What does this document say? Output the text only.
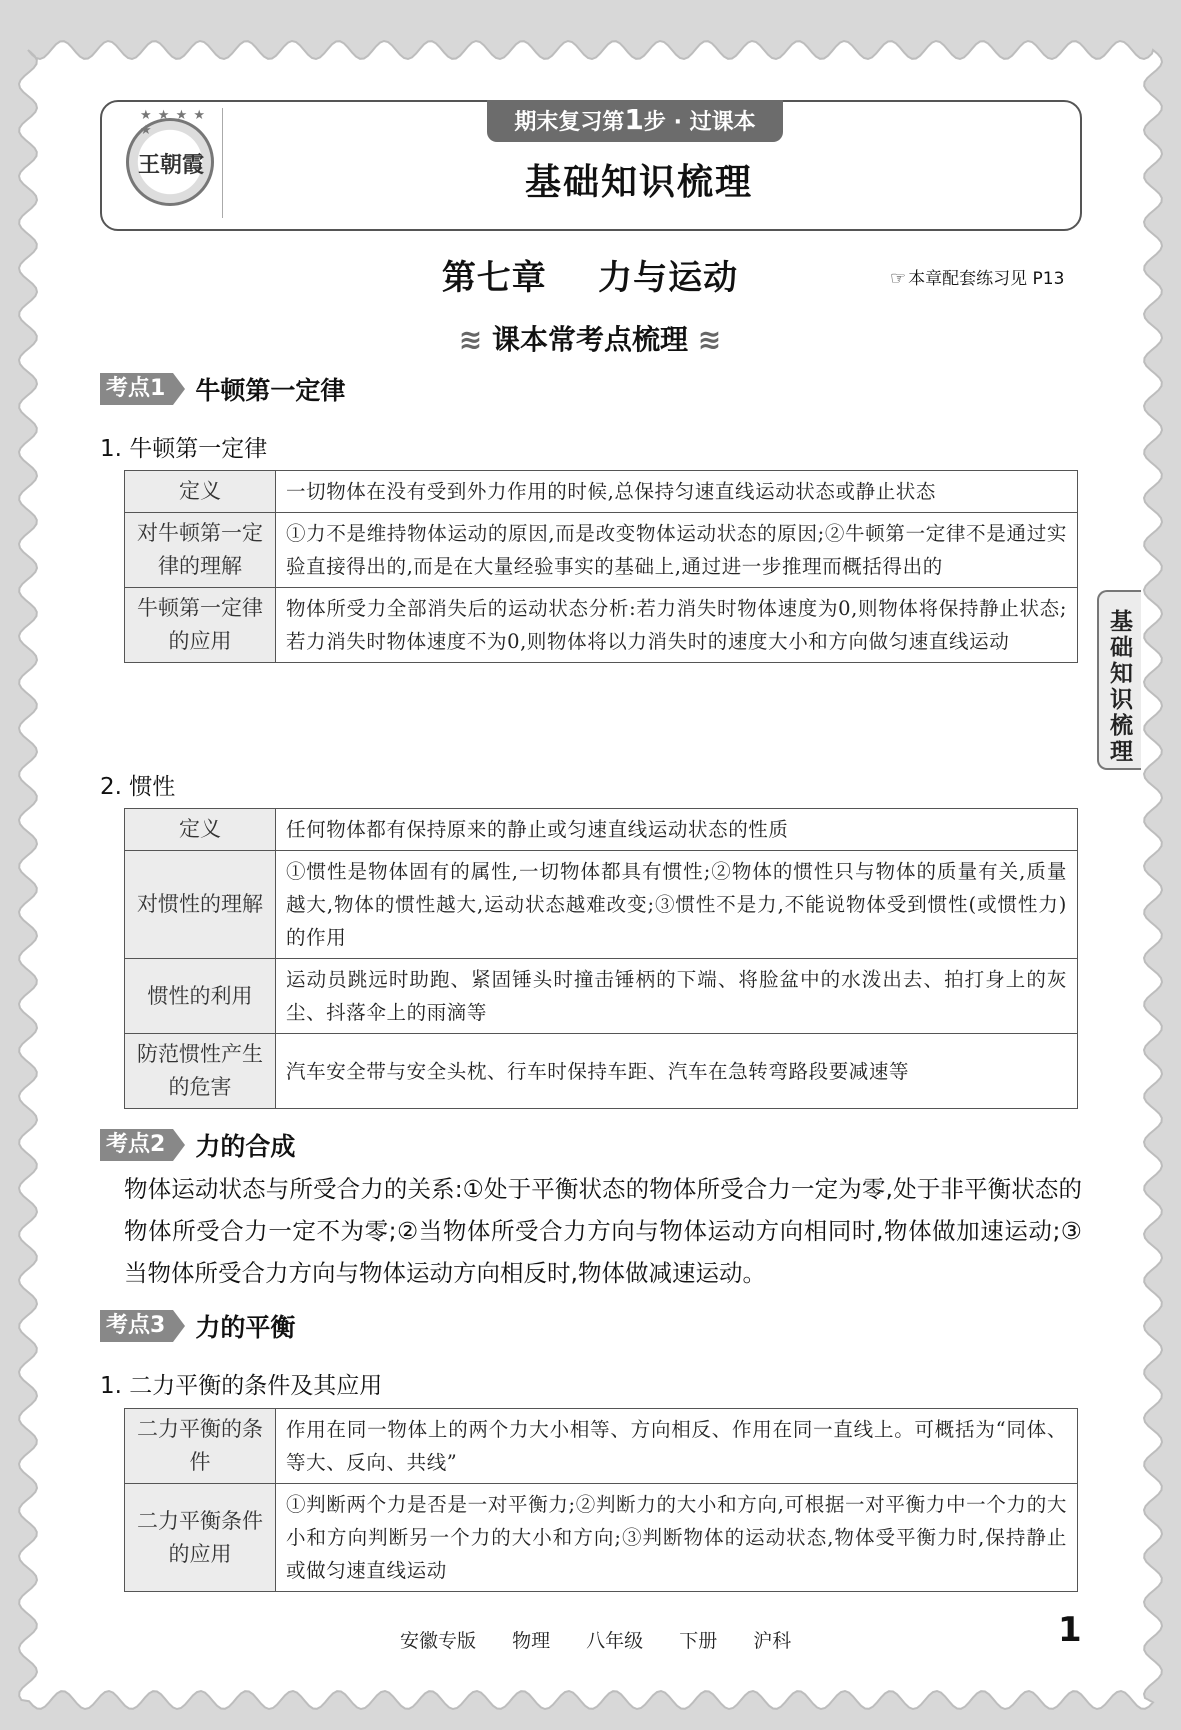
★ ★ ★ ★ ★
王朝霞
期末复习第1步 · 过课本
基础知识梳理
第七章    力与运动	☞ 本章配套练习见 P13
≋ 课本常考点梳理 ≋
考点1	牛顿第一定律
1. 牛顿第一定律
定义	一切物体在没有受到外力作用的时候,总保持匀速直线运动状态或静止状态
对牛顿第一定律的理解	①力不是维持物体运动的原因,而是改变物体运动状态的原因;②牛顿第一定律不是通过实验直接得出的,而是在大量经验事实的基础上,通过进一步推理而概括得出的
牛顿第一定律的应用	物体所受力全部消失后的运动状态分析:若力消失时物体速度为0,则物体将保持静止状态;若力消失时物体速度不为0,则物体将以力消失时的速度大小和方向做匀速直线运动
2. 惯性
定义	任何物体都有保持原来的静止或匀速直线运动状态的性质
对惯性的理解	①惯性是物体固有的属性,一切物体都具有惯性;②物体的惯性只与物体的质量有关,质量越大,物体的惯性越大,运动状态越难改变;③惯性不是力,不能说物体受到惯性(或惯性力)的作用
惯性的利用	运动员跳远时助跑、紧固锤头时撞击锤柄的下端、将脸盆中的水泼出去、拍打身上的灰尘、抖落伞上的雨滴等
防范惯性产生的危害	汽车安全带与安全头枕、行车时保持车距、汽车在急转弯路段要减速等
考点2	力的合成
物体运动状态与所受合力的关系:①处于平衡状态的物体所受合力一定为零,处于非平衡状态的物体所受合力一定不为零;②当物体所受合力方向与物体运动方向相同时,物体做加速运动;③当物体所受合力方向与物体运动方向相反时,物体做减速运动。
考点3	力的平衡
1. 二力平衡的条件及其应用
二力平衡的条件	作用在同一物体上的两个力大小相等、方向相反、作用在同一直线上。可概括为“同体、等大、反向、共线”
二力平衡条件的应用	①判断两个力是否是一对平衡力;②判断力的大小和方向,可根据一对平衡力中一个力的大小和方向判断另一个力的大小和方向;③判断物体的运动状态,物体受平衡力时,保持静止或做匀速直线运动
基础知识梳理
安徽专版 物理 八年级 下册 沪科	1
